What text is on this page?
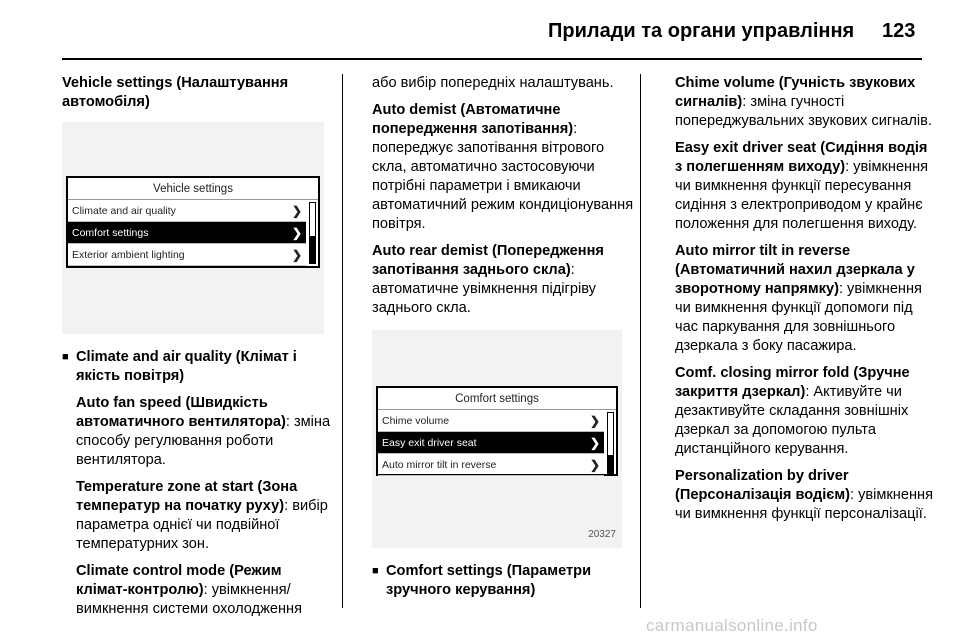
Прилади та органи управління 123
Vehicle settings (Налаштування автомобіля)
Vehicle settings
Climate and air quality	❯
Comfort settings	❯
Exterior ambient lighting	❯
■ Climate and air quality (Клімат і якість повітря)
Auto fan speed (Швидкість автоматичного вентилятора): зміна способу регулювання роботи вентилятора.
Temperature zone at start (Зона температур на початку руху): вибір параметра однієї чи подвійної температурних зон.
Climate control mode (Режим клімат-контролю): увімкнення/ вимкнення системи охолодження
або вибір попередніх налаштувань.
Auto demist (Автоматичне попередження запотівання): попереджує запотівання вітрового скла, автоматично застосовуючи потрібні параметри і вмикаючи автоматичний режим кондиціонування повітря.
Auto rear demist (Попередження запотівання заднього скла): автоматичне увімкнення підігріву заднього скла.
Comfort settings
Chime volume	❯
Easy exit driver seat	❯
Auto mirror tilt in reverse	❯
20327
■ Comfort settings (Параметри зручного керування)
Chime volume (Гучність звукових сигналів): зміна гучності попереджувальних звукових сигналів.
Easy exit driver seat (Сидіння водія з полегшенням виходу): увімкнення чи вимкнення функції пересування сидіння з електроприводом у крайнє положення для полегшення виходу.
Auto mirror tilt in reverse (Автоматичний нахил дзеркала у зворотному напрямку): увімкнення чи вимкнення функції допомоги під час паркування для зовнішнього дзеркала з боку пасажира.
Comf. closing mirror fold (Зручне закриття дзеркал): Активуйте чи дезактивуйте складання зовнішніх дзеркал за допомогою пульта дистанційного керування.
Personalization by driver (Персоналізація водієм): увімкнення чи вимкнення функції персоналізації.
carmanualsonline.info
